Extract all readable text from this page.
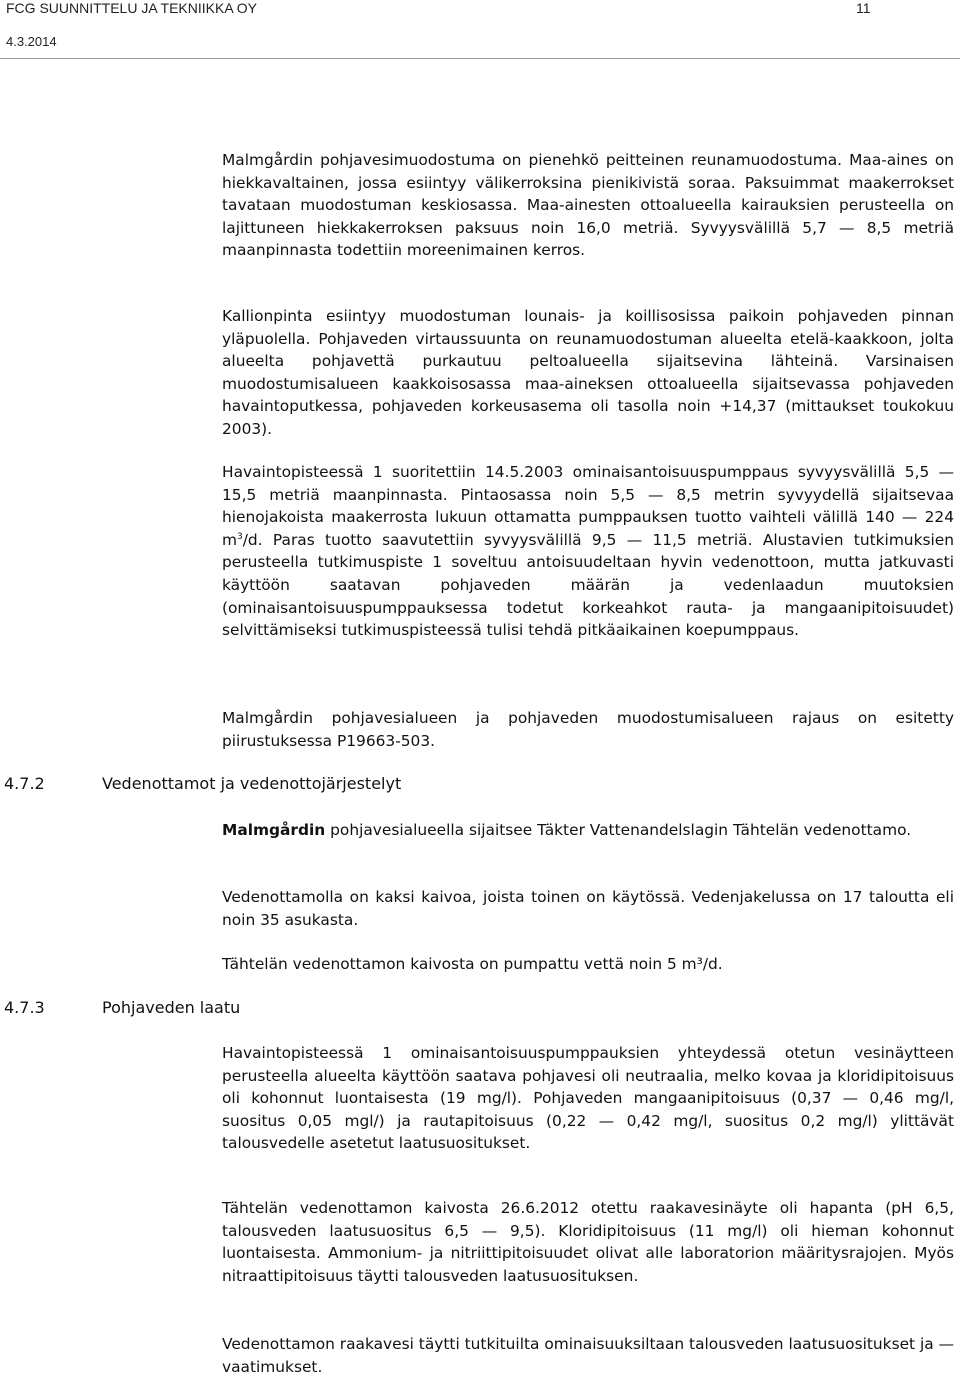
FCG SUUNNITTELU JA TEKNIIKKA OY
4.3.2014
11

Malmgårdin pohjavesimuodostuma on pienehkö peitteinen reunamuodostuma. Maa-aines on hiekkavaltainen, jossa esiintyy välikerroksina pienikivistä soraa. Paksuimmat maakerrokset tavataan muodostuman keskiosassa. Maa-ainesten ottoalueella kairauksien perusteella on lajittuneen hiekkakerroksen paksuus noin 16,0 metriä. Syvyysvälillä 5,7 — 8,5 metriä maanpinnasta todettiin moreenimainen kerros.

Kallionpinta esiintyy muodostuman lounais- ja koillisosissa paikoin pohjaveden pinnan yläpuolella. Pohjaveden virtaussuunta on reunamuodostuman alueelta etelä-kaakkoon, jolta alueelta pohjavettä purkautuu peltoalueella sijaitsevina lähteinä. Varsinaisen muodostumisalueen kaakkoisosassa maa-aineksen ottoalueella sijaitsevassa pohjaveden havaintoputkessa, pohjaveden korkeusasema oli tasolla noin +14,37 (mittaukset toukokuu 2003).

Havaintopisteessä 1 suoritettiin 14.5.2003 ominaisantoisuuspumppaus syvyysvälillä 5,5 — 15,5 metriä maanpinnasta. Pintaosassa noin 5,5 — 8,5 metrin syvyydellä sijaitsevaa hienojakoista maakerrosta lukuun ottamatta pumppauksen tuotto vaihteli välillä 140 — 224 $m^3/d$. Paras tuotto saavutettiin syvyysvälillä 9,5 — 11,5 metriä. Alustavien tutkimuksien perusteella tutkimuspiste 1 soveltuu antoisuudeltaan hyvin vedenottoon, mutta jatkuvasti käyttöön saatavan pohjaveden määrän ja vedenlaadun muutoksien (ominaisantoisuuspumppauksessa todetut korkeahkot rauta- ja mangaanipitoisuudet) selvittämiseksi tutkimuspisteessä tulisi tehdä pitkäaikainen koepumppaus.

Malmgårdin pohjavesialueen ja pohjaveden muodostumisalueen rajaus on esitetty piirustuksessa P19663-503.

4.7.2	Vedenottamot ja vedenottojärjestelyt

Malmgårdin pohjavesialueella sijaitsee Täkter Vattenandelslagin Tähtelän vedenottamo.

Vedenottamolla on kaksi kaivoa, joista toinen on käytössä. Vedenjakelussa on 17 taloutta eli noin 35 asukasta.

Tähtelän vedenottamon kaivosta on pumpattu vettä noin 5 m³/d.

4.7.3	Pohjaveden laatu

Havaintopisteessä 1 ominaisantoisuuspumppauksien yhteydessä otetun vesinäytteen perusteella alueelta käyttöön saatava pohjavesi oli neutraalia, melko kovaa ja kloridipitoisuus oli kohonnut luontaisesta (19 mg/l). Pohjaveden mangaanipitoisuus (0,37 — 0,46 mg/l, suositus 0,05 mgl/) ja rautapitoisuus (0,22 — 0,42 mg/l, suositus 0,2 mg/l) ylittävät talousvedelle asetetut laatusuositukset.

Tähtelän vedenottamon kaivosta 26.6.2012 otettu raakavesinäyte oli hapanta (pH 6,5, talousveden laatusuositus 6,5 — 9,5). Kloridipitoisuus (11 mg/l) oli hieman kohonnut luontaisesta. Ammonium- ja nitriittipitoisuudet olivat alle laboratorion määritysrajojen. Myös nitraattipitoisuus täytti talousveden laatusuosituksen.

Vedenottamon raakavesi täytti tutkituilta ominaisuuksiltaan talousveden laatusuositukset ja — vaatimukset.
